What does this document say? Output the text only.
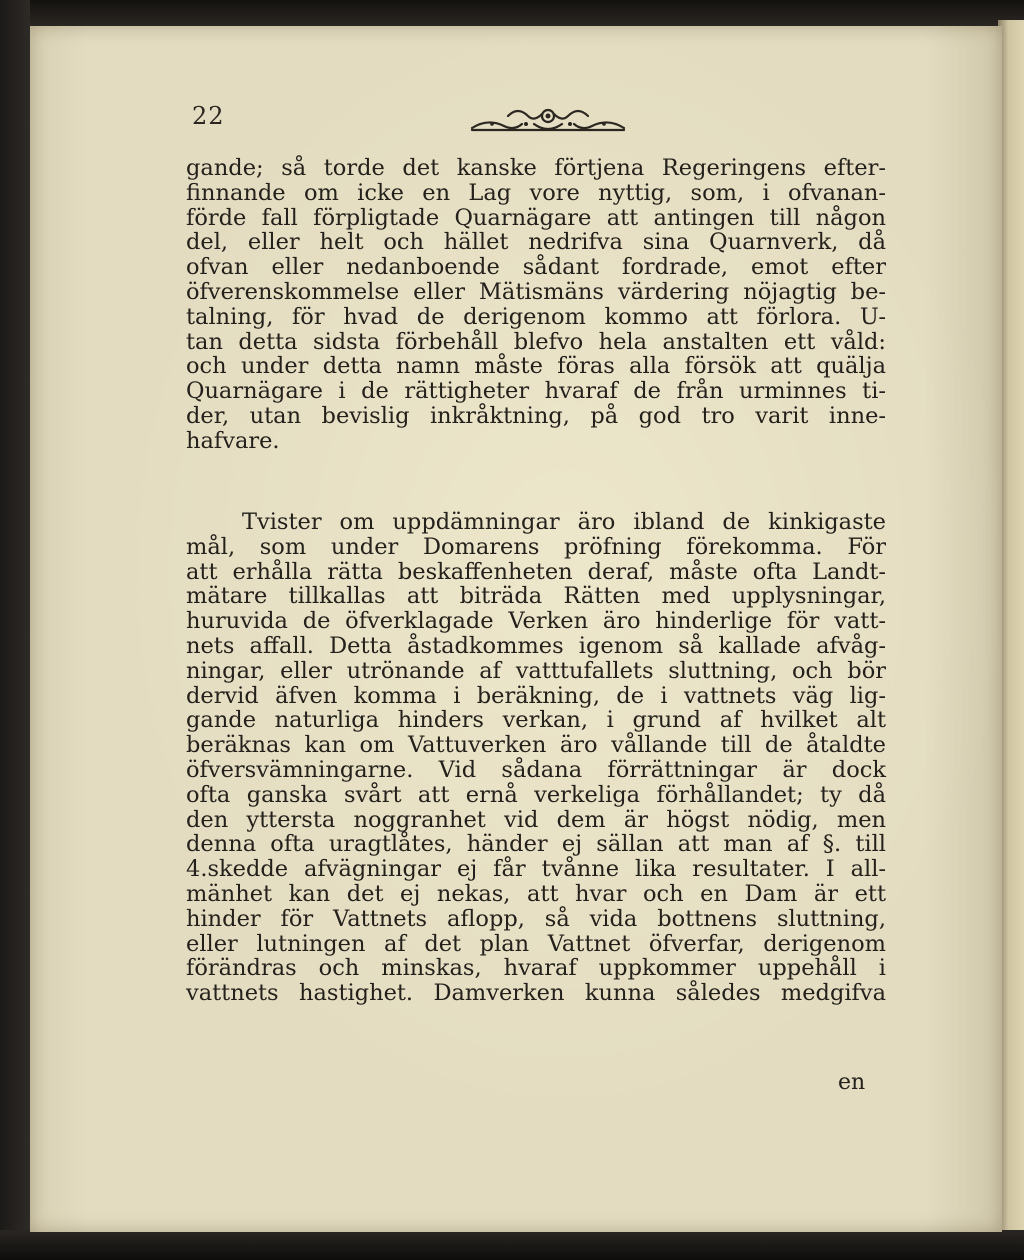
22
gande; så torde det kanske förtjena Regeringens efter-
finnande om icke en Lag vore nyttig, som, i ofvanan-
förde fall förpligtade Quarnägare att antingen till någon
del, eller helt och hället nedrifva sina Quarnverk, då
ofvan eller nedanboende sådant fordrade, emot efter
öfverenskommelse eller Mätismäns värdering nöjagtig be-
talning, för hvad de derigenom kommo att förlora. U-
tan detta sidsta förbehåll blefvo hela anstalten ett våld:
och under detta namn måste föras alla försök att quälja
Quarnägare i de rättigheter hvaraf de från urminnes ti-
der, utan bevislig inkråktning, på god tro varit inne-
hafvare.
Tvister om uppdämningar äro ibland de kinkigaste
mål, som under Domarens pröfning förekomma. För
att erhålla rätta beskaffenheten deraf, måste ofta Landt-
mätare tillkallas att biträda Rätten med upplysningar,
huruvida de öfverklagade Verken äro hinderlige för vatt-
nets affall. Detta åstadkommes igenom så kallade afvåg-
ningar, eller utrönande af vatttufallets sluttning, och bör
dervid äfven komma i beräkning, de i vattnets väg lig-
gande naturliga hinders verkan, i grund af hvilket alt
beräknas kan om Vattuverken äro vållande till de åtaldte
öfversvämningarne. Vid sådana förrättningar är dock
ofta ganska svårt att ernå verkeliga förhållandet; ty då
den yttersta noggranhet vid dem är högst nödig, men
denna ofta uragtlåtes, händer ej sällan att man af §. till
4.skedde afvägningar ej får tvånne lika resultater. I all-
mänhet kan det ej nekas, att hvar och en Dam är ett
hinder för Vattnets aflopp, så vida bottnens sluttning,
eller lutningen af det plan Vattnet öfverfar, derigenom
förändras och minskas, hvaraf uppkommer uppehåll i
vattnets hastighet. Damverken kunna således medgifva
en
